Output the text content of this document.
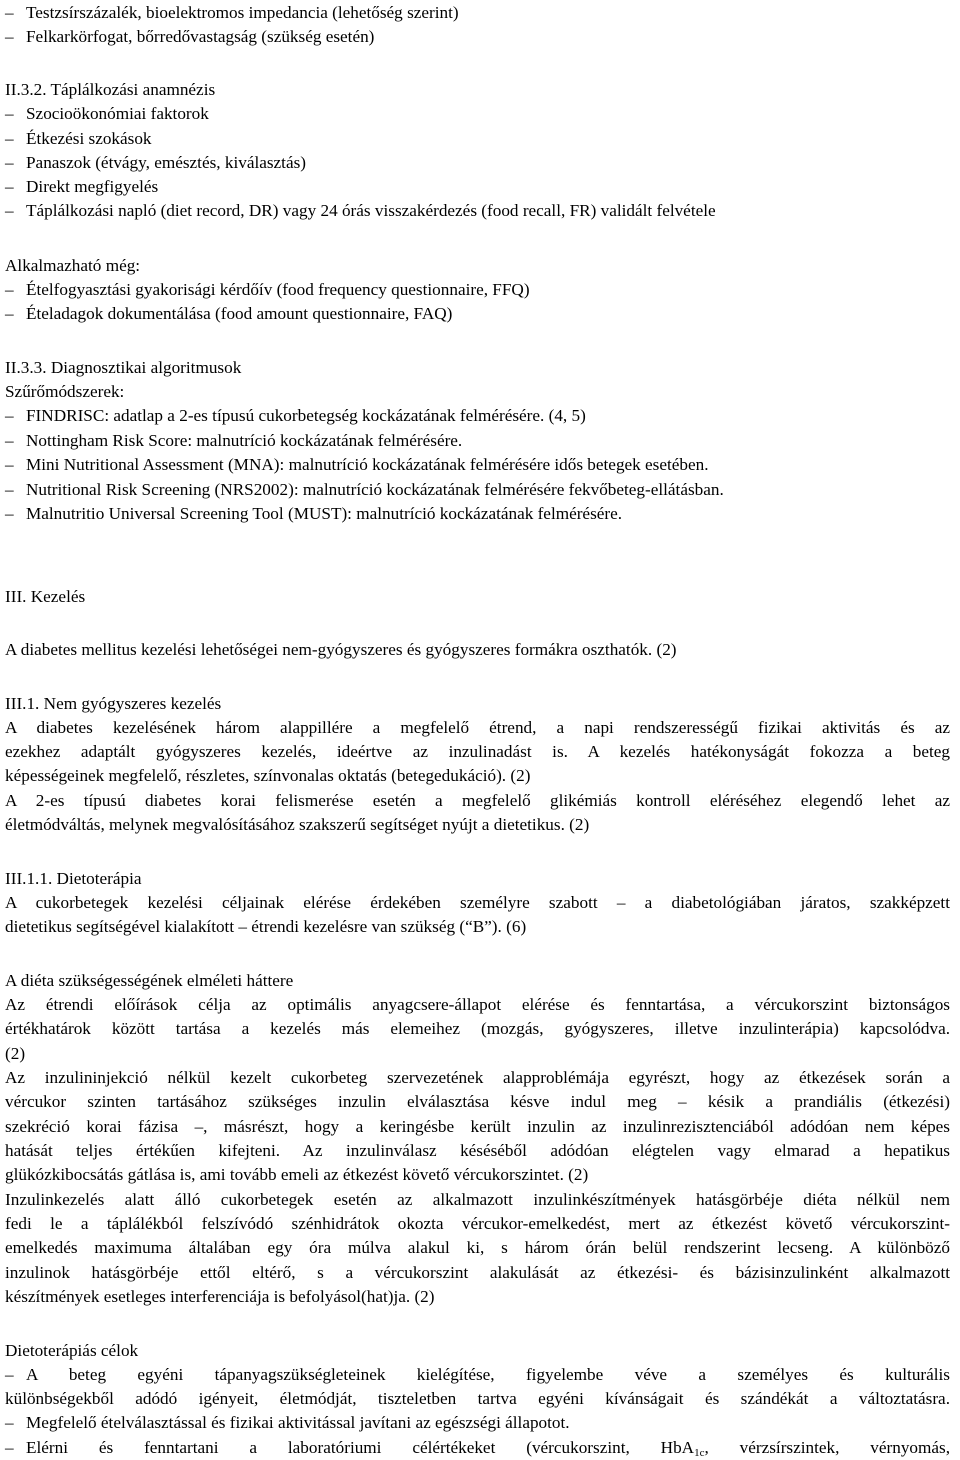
–Testzsírszázalék, bioelektromos impedancia (lehetőség szerint)
–Felkarkörfogat, bőrredővastagság (szükség esetén)
II.3.2. Táplálkozási anamnézis
–Szocioökonómiai faktorok
–Étkezési szokások
–Panaszok (étvágy, emésztés, kiválasztás)
–Direkt megfigyelés
–Táplálkozási napló (diet record, DR) vagy 24 órás visszakérdezés (food recall, FR) validált felvétele
Alkalmazható még:
–Ételfogyasztási gyakorisági kérdőív (food frequency questionnaire, FFQ)
–Ételadagok dokumentálása (food amount questionnaire, FAQ)
II.3.3. Diagnosztikai algoritmusok
Szűrőmódszerek:
–FINDRISC: adatlap a 2-es típusú cukorbetegség kockázatának felmérésére. (4, 5)
–Nottingham Risk Score: malnutríció kockázatának felmérésére.
–Mini Nutritional Assessment (MNA): malnutríció kockázatának felmérésére idős betegek esetében.
–Nutritional Risk Screening (NRS2002): malnutríció kockázatának felmérésére fekvőbeteg-ellátásban.
–Malnutritio Universal Screening Tool (MUST): malnutríció kockázatának felmérésére.
III. Kezelés
A diabetes mellitus kezelési lehetőségei nem-gyógyszeres és gyógyszeres formákra oszthatók. (2)
III.1. Nem gyógyszeres kezelés
A diabetes kezelésének három alappillére a megfelelő étrend, a napi rendszerességű fizikai aktivitás és az
ezekhez adaptált gyógyszeres kezelés, ideértve az inzulinadást is. A kezelés hatékonyságát fokozza a beteg
képességeinek megfelelő, részletes, színvonalas oktatás (betegedukáció). (2)
A 2-es típusú diabetes korai felismerése esetén a megfelelő glikémiás kontroll eléréséhez elegendő lehet az
életmódváltás, melynek megvalósításához szakszerű segítséget nyújt a dietetikus. (2)
III.1.1. Dietoterápia
A cukorbetegek kezelési céljainak elérése érdekében személyre szabott – a diabetológiában járatos, szakképzett
dietetikus segítségével kialakított – étrendi kezelésre van szükség (“B”). (6)
A diéta szükségességének elméleti háttere
Az étrendi előírások célja az optimális anyagcsere-állapot elérése és fenntartása, a vércukorszint biztonságos
értékhatárok között tartása a kezelés más elemeihez (mozgás, gyógyszeres, illetve inzulinterápia) kapcsolódva.
(2)
Az inzulininjekció nélkül kezelt cukorbeteg szervezetének alapproblémája egyrészt, hogy az étkezések során a
vércukor szinten tartásához szükséges inzulin elválasztása késve indul meg – késik a prandiális (étkezési)
szekréció korai fázisa –, másrészt, hogy a keringésbe került inzulin az inzulinrezisztenciából adódóan nem képes
hatását teljes értékűen kifejteni. Az inzulinválasz késéséből adódóan elégtelen vagy elmarad a hepatikus
glükózkibocsátás gátlása is, ami tovább emeli az étkezést követő vércukorszintet. (2)
Inzulinkezelés alatt álló cukorbetegek esetén az alkalmazott inzulinkészítmények hatásgörbéje diéta nélkül nem
fedi le a táplálékból felszívódó szénhidrátok okozta vércukor-emelkedést, mert az étkezést követő vércukorszint-
emelkedés maximuma általában egy óra múlva alakul ki, s három órán belül rendszerint lecseng. A különböző
inzulinok hatásgörbéje ettől eltérő, s a vércukorszint alakulását az étkezési- és bázisinzulinként alkalmazott
készítmények esetleges interferenciája is befolyásol(hat)ja. (2)
Dietoterápiás célok
–A beteg egyéni tápanyagszükségleteinek kielégítése, figyelembe véve a személyes és kulturális
különbségekből adódó igényeit, életmódját, tiszteletben tartva egyéni kívánságait és szándékát a változtatásra.
–Megfelelő ételválasztással és fizikai aktivitással javítani az egészségi állapotot.
–Elérni és fenntartani a laboratóriumi célértékeket (vércukorszint, HbA$_{1c}$, vérzsírszintek, vérnyomás,
